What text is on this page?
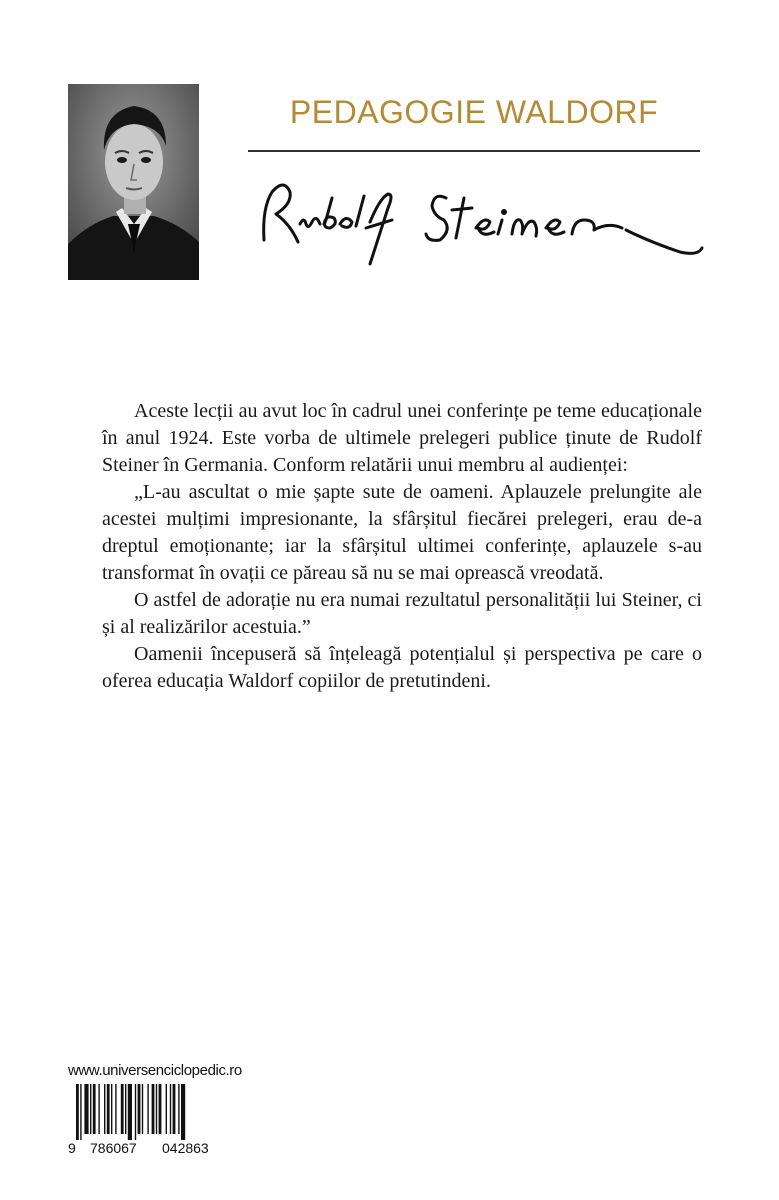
PEDAGOGIE WALDORF

Aceste lecții au avut loc în cadrul unei conferințe pe teme educaționale în anul 1924. Este vorba de ultimele prelegeri publice ținute de Rudolf Steiner în Germania. Conform relatării unui membru al audienței:

„L-au ascultat o mie șapte sute de oameni. Aplauzele prelungite ale acestei mulțimi impresionante, la sfârșitul fiecărei prelegeri, erau de-a dreptul emoționante; iar la sfârșitul ultimei conferințe, aplauzele s-au transformat în ovații ce păreau să nu se mai oprească vreodată.

O astfel de adorație nu era numai rezultatul personalității lui Steiner, ci și al realizărilor acestuia.”

Oamenii începuseră să înțeleagă potențialul și perspectiva pe care o oferea educația Waldorf copiilor de pretutindeni.

www.universenciclopedic.ro
9 786067 042863
